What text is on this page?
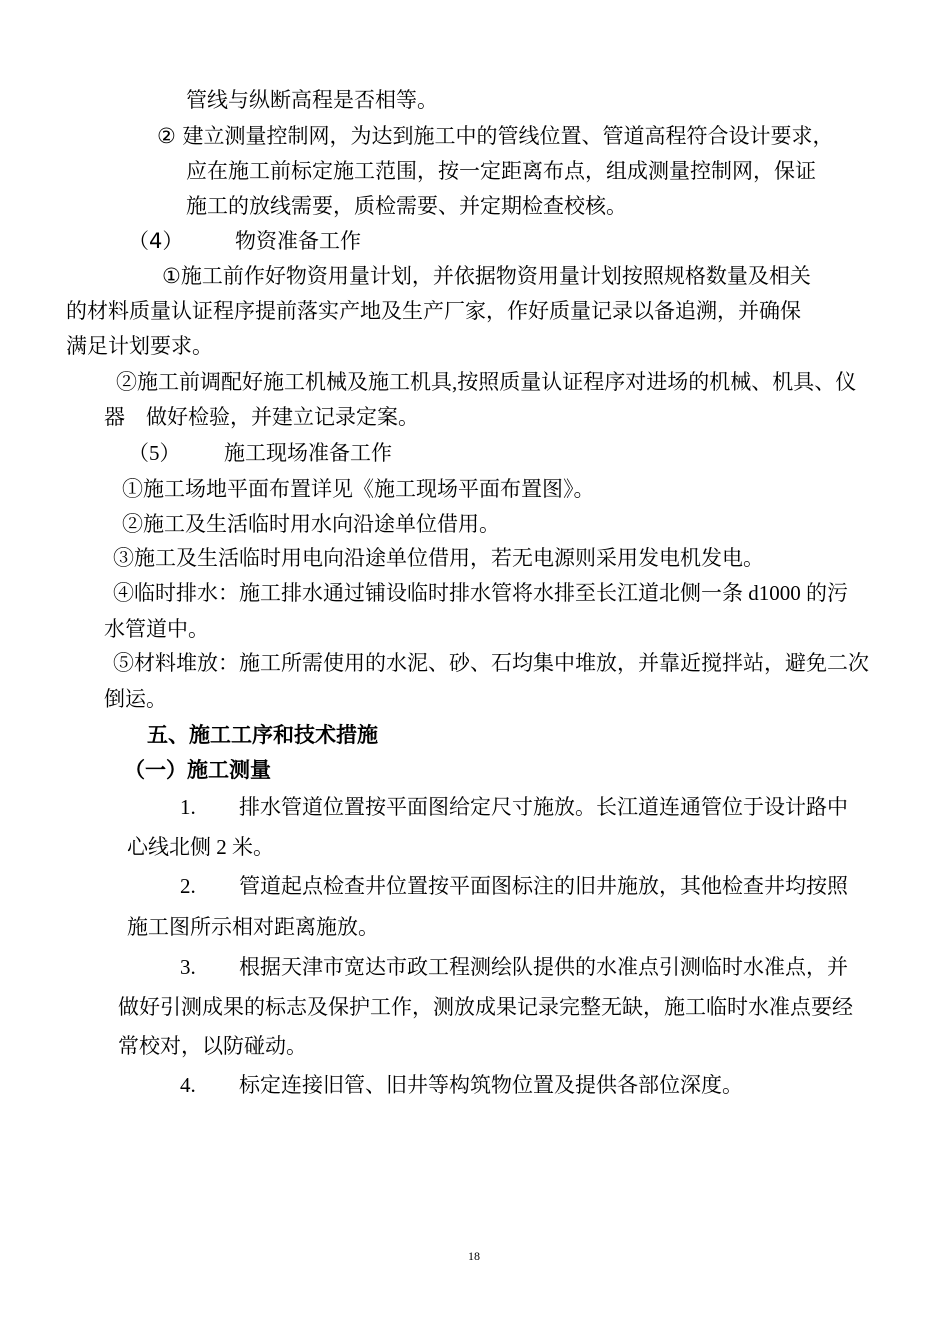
管线与纵断高程是否相等。
② 建立测量控制网，为达到施工中的管线位置、管道高程符合设计要求，
应在施工前标定施工范围，按一定距离布点，组成测量控制网，保证
施工的放线需要，质检需要、并定期检查校核。
（4） 物资准备工作
①施工前作好物资用量计划，并依据物资用量计划按照规格数量及相关
的材料质量认证程序提前落实产地及生产厂家，作好质量记录以备追溯，并确保
满足计划要求。
②施工前调配好施工机械及施工机具,按照质量认证程序对进场的机械、机具、仪
器　做好检验，并建立记录定案。
（5） 施工现场准备工作
①施工场地平面布置详见《施工现场平面布置图》。
②施工及生活临时用水向沿途单位借用。
③施工及生活临时用电向沿途单位借用，若无电源则采用发电机发电。
④临时排水：施工排水通过铺设临时排水管将水排至长江道北侧一条 d1000 的污
水管道中。
⑤材料堆放：施工所需使用的水泥、砂、石均集中堆放，并靠近搅拌站，避免二次
倒运。
五、施工工序和技术措施
（一）施工测量
1. 排水管道位置按平面图给定尺寸施放。长江道连通管位于设计路中
心线北侧 2 米。
2. 管道起点检查井位置按平面图标注的旧井施放，其他检查井均按照
施工图所示相对距离施放。
3. 根据天津市宽达市政工程测绘队提供的水准点引测临时水准点，并
做好引测成果的标志及保护工作，测放成果记录完整无缺，施工临时水准点要经
常校对，以防碰动。
4. 标定连接旧管、旧井等构筑物位置及提供各部位深度。
18
